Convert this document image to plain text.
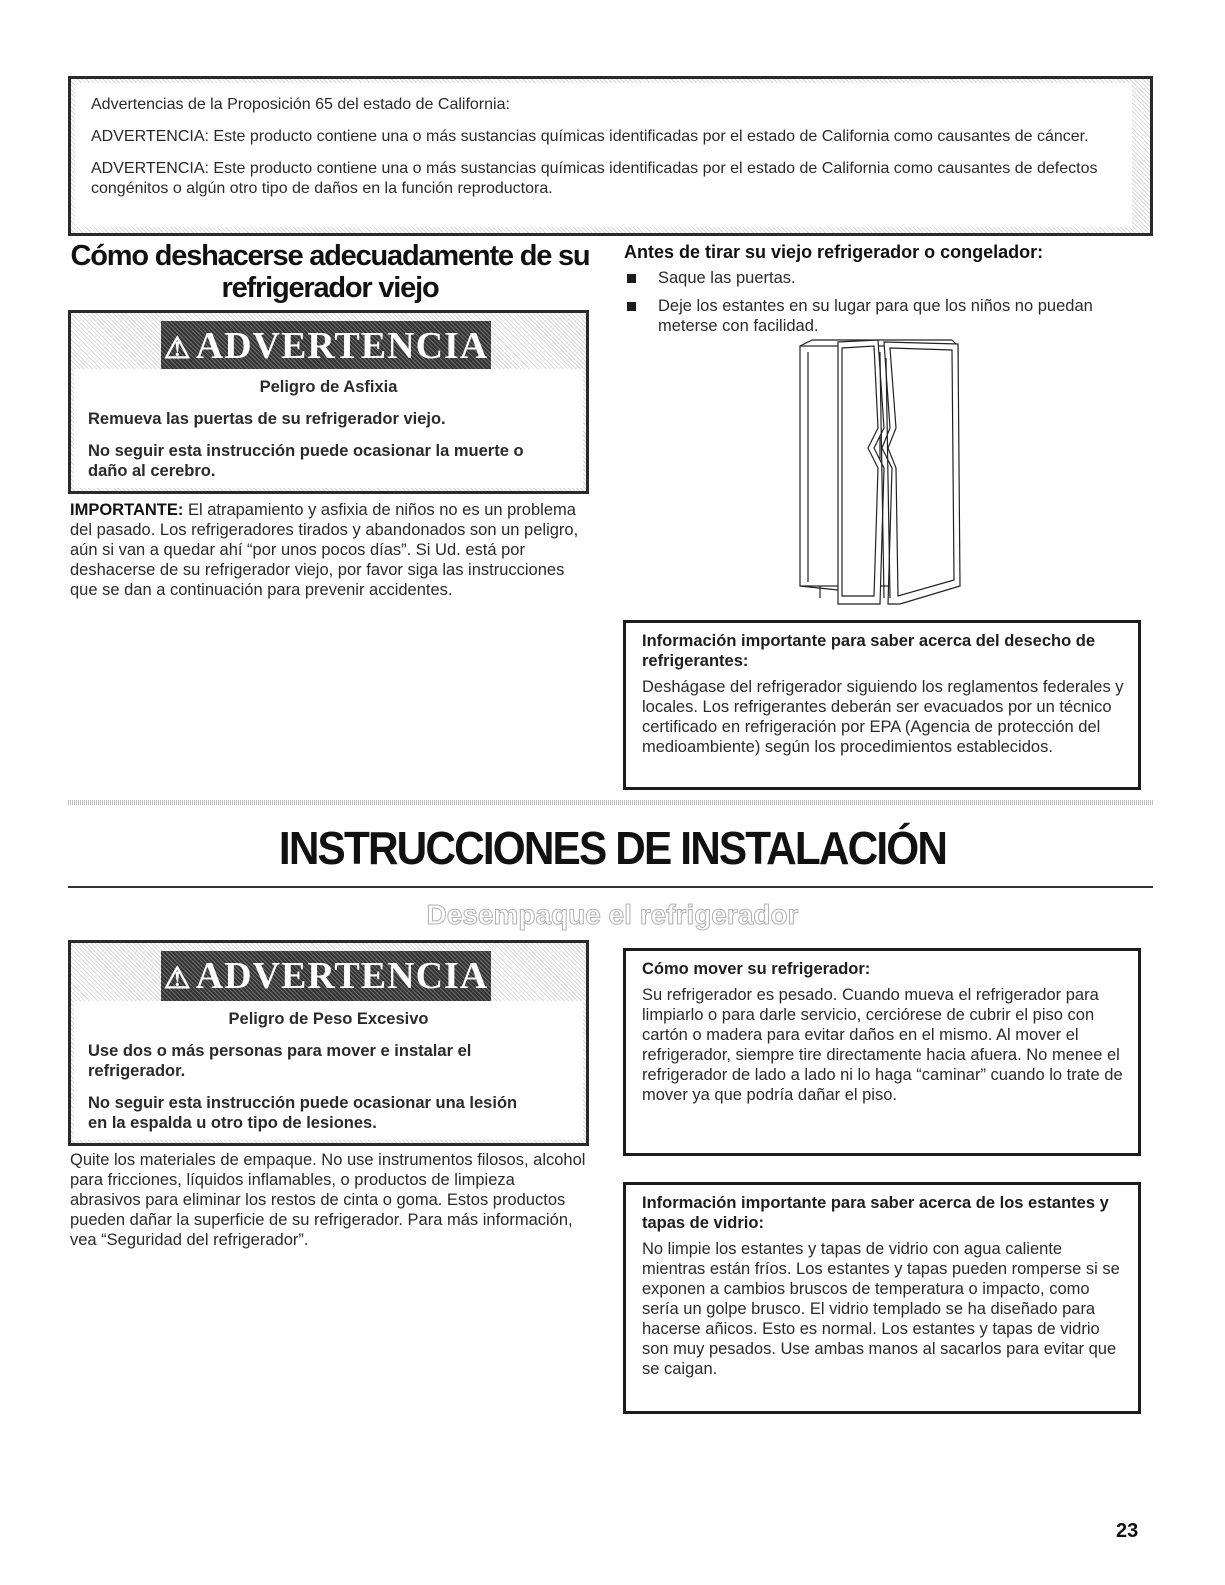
Advertencias de la Proposición 65 del estado de California:

ADVERTENCIA: Este producto contiene una o más sustancias químicas identificadas por el estado de California como causantes de cáncer.

ADVERTENCIA: Este producto contiene una o más sustancias químicas identificadas por el estado de California como causantes de defectos congénitos o algún otro tipo de daños en la función reproductora.

Cómo deshacerse adecuadamente de su refrigerador viejo
⚠ ADVERTENCIA

Peligro de Asfixia

Remueva las puertas de su refrigerador viejo.

No seguir esta instrucción puede ocasionar la muerte o daño al cerebro.

IMPORTANTE: El atrapamiento y asfixia de niños no es un problema del pasado. Los refrigeradores tirados y abandonados son un peligro, aún si van a quedar ahí “por unos pocos días”. Si Ud. está por deshacerse de su refrigerador viejo, por favor siga las instrucciones que se dan a continuación para prevenir accidentes.

Antes de tirar su viejo refrigerador o congelador:
Saque las puertas.
Deje los estantes en su lugar para que los niños no puedan meterse con facilidad.

Información importante para saber acerca del desecho de refrigerantes:

Deshágase del refrigerador siguiendo los reglamentos federales y locales. Los refrigerantes deberán ser evacuados por un técnico certificado en refrigeración por EPA (Agencia de protección del medioambiente) según los procedimientos establecidos.

INSTRUCCIONES DE INSTALACIÓN
Desempaque el refrigerador
⚠ ADVERTENCIA

Peligro de Peso Excesivo

Use dos o más personas para mover e instalar el refrigerador.

No seguir esta instrucción puede ocasionar una lesión en la espalda u otro tipo de lesiones.

Quite los materiales de empaque. No use instrumentos filosos, alcohol para fricciones, líquidos inflamables, o productos de limpieza abrasivos para eliminar los restos de cinta o goma. Estos productos pueden dañar la superficie de su refrigerador. Para más información, vea “Seguridad del refrigerador”.

Cómo mover su refrigerador:

Su refrigerador es pesado. Cuando mueva el refrigerador para limpiarlo o para darle servicio, cerciórese de cubrir el piso con cartón o madera para evitar daños en el mismo. Al mover el refrigerador, siempre tire directamente hacia afuera. No menee el refrigerador de lado a lado ni lo haga “caminar” cuando lo trate de mover ya que podría dañar el piso.

Información importante para saber acerca de los estantes y tapas de vidrio:

No limpie los estantes y tapas de vidrio con agua caliente mientras están fríos. Los estantes y tapas pueden romperse si se exponen a cambios bruscos de temperatura o impacto, como sería un golpe brusco. El vidrio templado se ha diseñado para hacerse añicos. Esto es normal. Los estantes y tapas de vidrio son muy pesados. Use ambas manos al sacarlos para evitar que se caigan.

23
